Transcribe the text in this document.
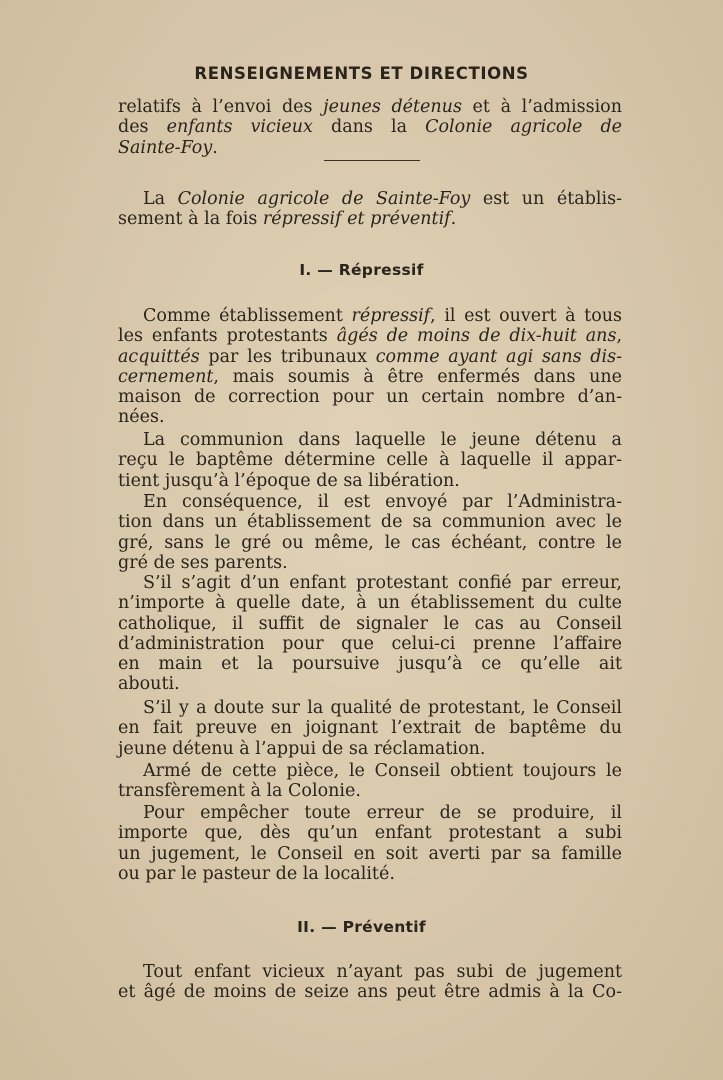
RENSEIGNEMENTS ET DIRECTIONS
relatifs à l’envoi des jeunes détenus et à l’admission
des enfants vicieux dans la Colonie agricole de
Sainte-Foy.
La Colonie agricole de Sainte-Foy est un établis-
sement à la fois répressif et préventif.
I. — Répressif
Comme établissement répressif, il est ouvert à tous
les enfants protestants âgés de moins de dix-huit ans,
acquittés par les tribunaux comme ayant agi sans dis-
cernement, mais soumis à être enfermés dans une
maison de correction pour un certain nombre d’an-
nées.
La communion dans laquelle le jeune détenu a
reçu le baptême détermine celle à laquelle il appar-
tient jusqu’à l’époque de sa libération.
En conséquence, il est envoyé par l’Administra-
tion dans un établissement de sa communion avec le
gré, sans le gré ou même, le cas échéant, contre le
gré de ses parents.
S’il s’agit d’un enfant protestant confié par erreur,
n’importe à quelle date, à un établissement du culte
catholique, il suffit de signaler le cas au Conseil
d’administration pour que celui-ci prenne l’affaire
en main et la poursuive jusqu’à ce qu’elle ait
abouti.
S’il y a doute sur la qualité de protestant, le Conseil
en fait preuve en joignant l’extrait de baptême du
jeune détenu à l’appui de sa réclamation.
Armé de cette pièce, le Conseil obtient toujours le
transfèrement à la Colonie.
Pour empêcher toute erreur de se produire, il
importe que, dès qu’un enfant protestant a subi
un jugement, le Conseil en soit averti par sa famille
ou par le pasteur de la localité.
II. — Préventif
Tout enfant vicieux n’ayant pas subi de jugement
et âgé de moins de seize ans peut être admis à la Co-
